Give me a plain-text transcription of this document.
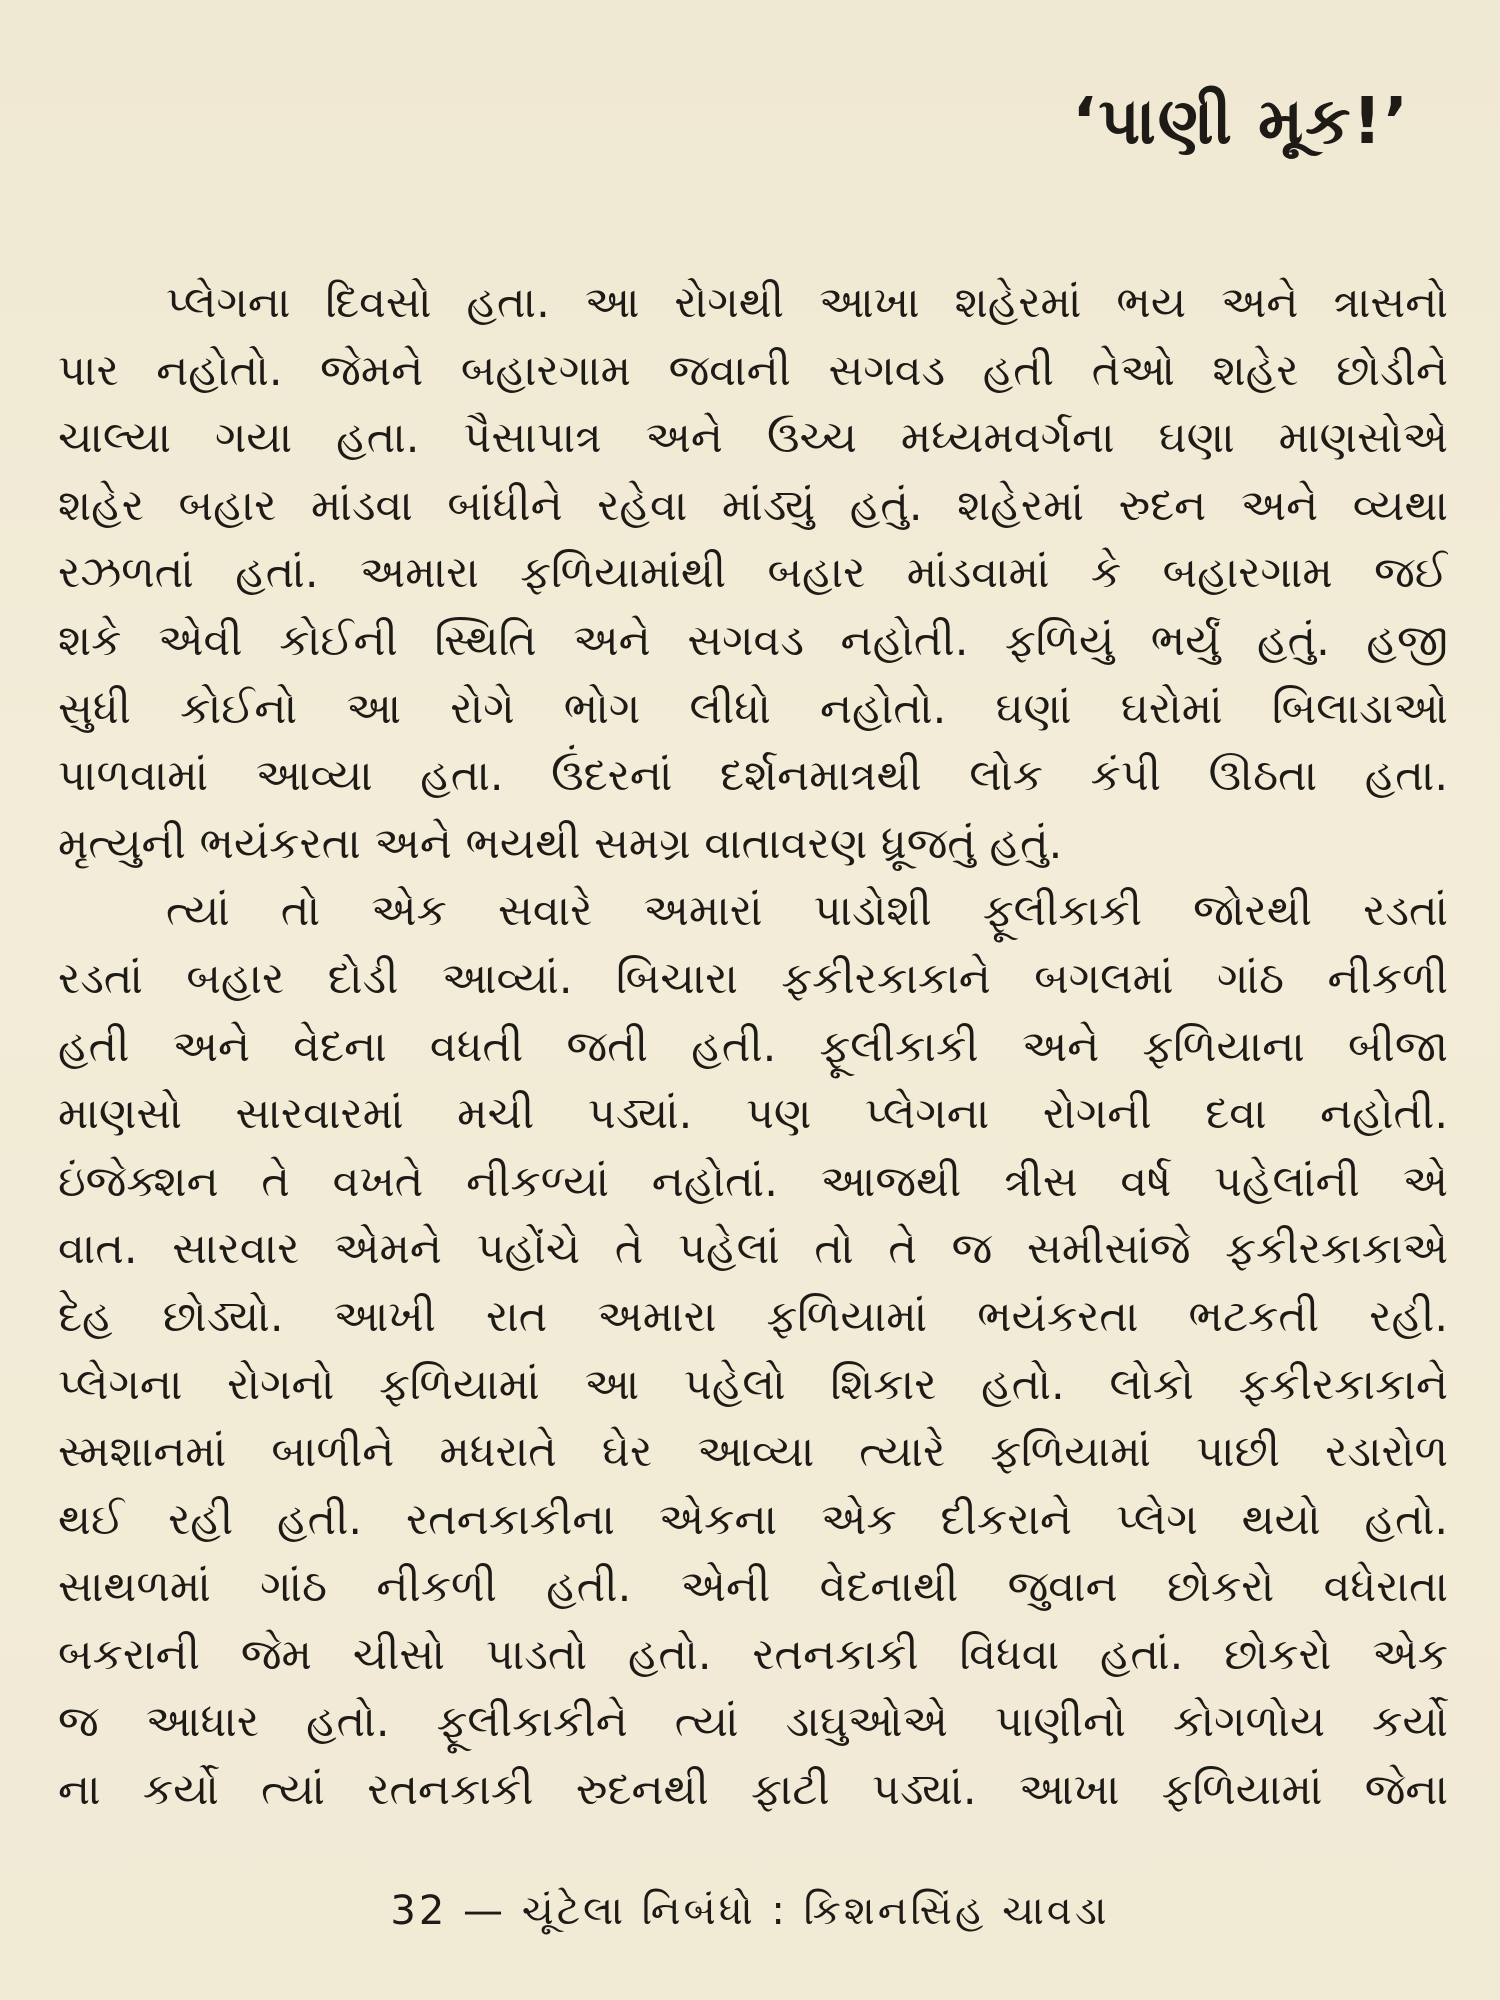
‘પાણી મૂક!’
પ્લેગના દિવસો હતા. આ રોગથી આખા શહેરમાં ભય અને ત્રાસનો
પાર નહોતો. જેમને બહારગામ જવાની સગવડ હતી તેઓ શહેર છોડીને
ચાલ્યા ગયા હતા. પૈસાપાત્ર અને ઉચ્ચ મધ્યમવર્ગના ઘણા માણસોએ
શહેર બહાર માંડવા બાંધીને રહેવા માંડ્યું હતું. શહેરમાં રુદન અને વ્યથા
રઝળતાં હતાં. અમારા ફળિયામાંથી બહાર માંડવામાં કે બહારગામ જઈ
શકે એવી કોઈની સ્થિતિ અને સગવડ નહોતી. ફળિયું ભર્યું હતું. હજી
સુધી કોઈનો આ રોગે ભોગ લીધો નહોતો. ઘણાં ઘરોમાં બિલાડાઓ
પાળવામાં આવ્યા હતા. ઉંદરનાં દર્શનમાત્રથી લોક કંપી ઊઠતા હતા.
મૃત્યુની ભયંકરતા અને ભયથી સમગ્ર વાતાવરણ ધ્રૂજતું હતું.
ત્યાં તો એક સવારે અમારાં પાડોશી ફૂલીકાકી જોરથી રડતાં
રડતાં બહાર દોડી આવ્યાં. બિચારા ફકીરકાકાને બગલમાં ગાંઠ નીકળી
હતી અને વેદના વધતી જતી હતી. ફૂલીકાકી અને ફળિયાના બીજા
માણસો સારવારમાં મચી પડ્યાં. પણ પ્લેગના રોગની દવા નહોતી.
ઇંજેક્શન તે વખતે નીકળ્યાં નહોતાં. આજથી ત્રીસ વર્ષ પહેલાંની એ
વાત. સારવાર એમને પહોંચે તે પહેલાં તો તે જ સમીસાંજે ફકીરકાકાએ
દેહ છોડ્યો. આખી રાત અમારા ફળિયામાં ભયંકરતા ભટકતી રહી.
પ્લેગના રોગનો ફળિયામાં આ પહેલો શિકાર હતો. લોકો ફકીરકાકાને
સ્મશાનમાં બાળીને મધરાતે ઘેર આવ્યા ત્યારે ફળિયામાં પાછી રડારોળ
થઈ રહી હતી. રતનકાકીના એકના એક દીકરાને પ્લેગ થયો હતો.
સાથળમાં ગાંઠ નીકળી હતી. એની વેદનાથી જુવાન છોકરો વધેરાતા
બકરાની જેમ ચીસો પાડતો હતો. રતનકાકી વિધવા હતાં. છોકરો એક
જ આધાર હતો. ફૂલીકાકીને ત્યાં ડાઘુઓએ પાણીનો કોગળોય કર્યો
ના કર્યો ત્યાં રતનકાકી રુદનથી ફાટી પડ્યાં. આખા ફળિયામાં જેના
32 — ચૂંટેલા નિબંધો : કિશનસિંહ ચાવડા
